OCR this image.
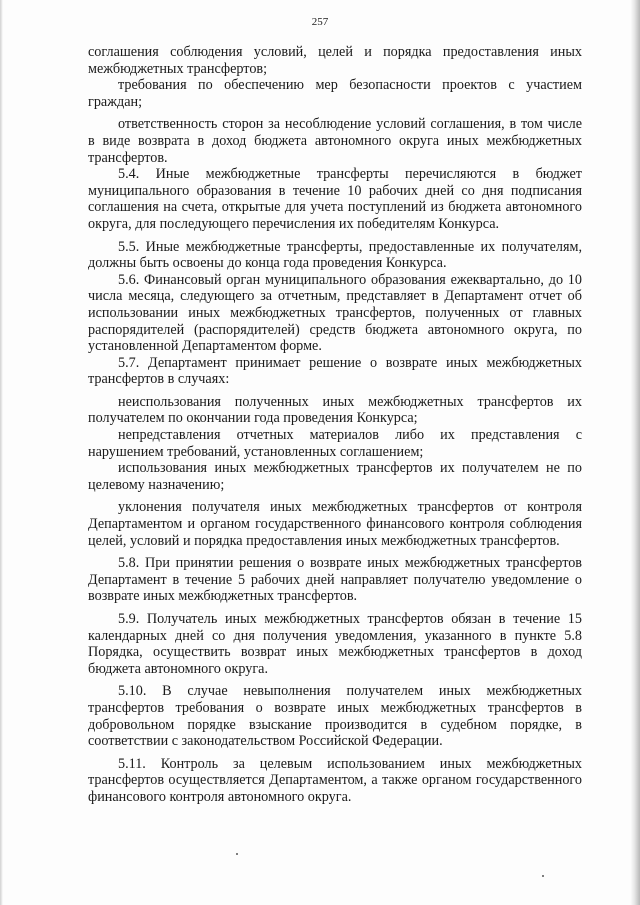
257

соглашения соблюдения условий, целей и порядка предоставления иных межбюджетных трансфертов;

требования по обеспечению мер безопасности проектов с участием граждан;

ответственность сторон за несоблюдение условий соглашения, в том числе в виде возврата в доход бюджета автономного округа иных межбюджетных трансфертов.

5.4. Иные межбюджетные трансферты перечисляются в бюджет муниципального образования в течение 10 рабочих дней со дня подписания соглашения на счета, открытые для учета поступлений из бюджета автономного округа, для последующего перечисления их победителям Конкурса.

5.5. Иные межбюджетные трансферты, предоставленные их получателям, должны быть освоены до конца года проведения Конкурса.

5.6. Финансовый орган муниципального образования ежеквартально, до 10 числа месяца, следующего за отчетным, представляет в Департамент отчет об использовании иных межбюджетных трансфертов, полученных от главных распорядителей (распорядителей) средств бюджета автономного округа, по установленной Департаментом форме.

5.7. Департамент принимает решение о возврате иных межбюджетных трансфертов в случаях:

неиспользования полученных иных межбюджетных трансфертов их получателем по окончании года проведения Конкурса;

непредставления отчетных материалов либо их представления с нарушением требований, установленных соглашением;

использования иных межбюджетных трансфертов их получателем не по целевому назначению;

уклонения получателя иных межбюджетных трансфертов от контроля Департаментом и органом государственного финансового контроля соблюдения целей, условий и порядка предоставления иных межбюджетных трансфертов.

5.8. При принятии решения о возврате иных межбюджетных трансфертов Департамент в течение 5 рабочих дней направляет получателю уведомление о возврате иных межбюджетных трансфертов.

5.9. Получатель иных межбюджетных трансфертов обязан в течение 15 календарных дней со дня получения уведомления, указанного в пункте 5.8 Порядка, осуществить возврат иных межбюджетных трансфертов в доход бюджета автономного округа.

5.10. В случае невыполнения получателем иных межбюджетных трансфертов требования о возврате иных межбюджетных трансфертов в добровольном порядке взыскание производится в судебном порядке, в соответствии с законодательством Российской Федерации.

5.11. Контроль за целевым использованием иных межбюджетных трансфертов осуществляется Департаментом, а также органом государственного финансового контроля автономного округа.
